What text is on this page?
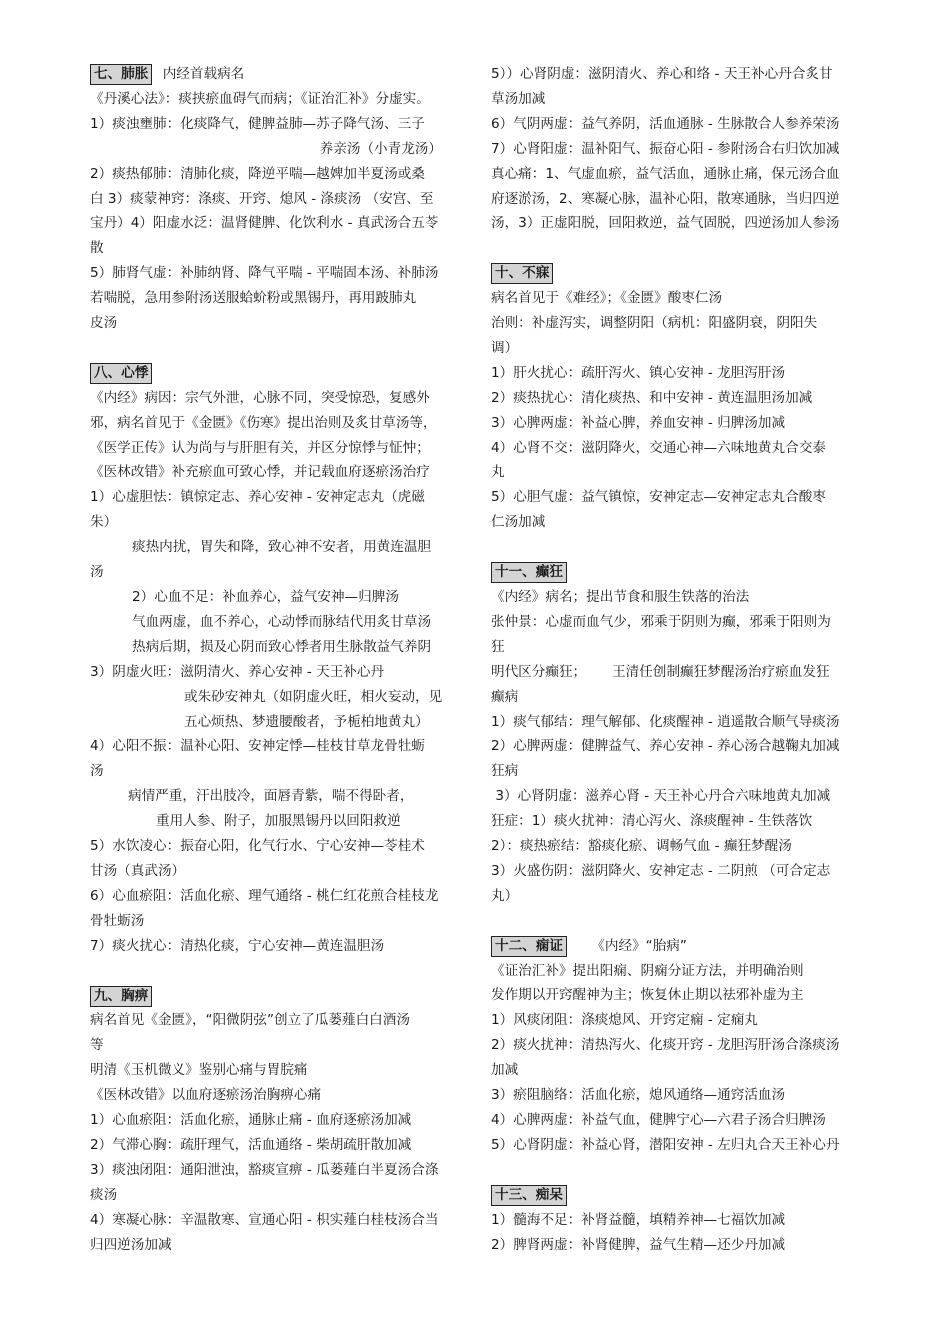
七、肺胀 内经首载病名
《丹溪心法》：痰挟瘀血碍气而病；《证治汇补》分虚实。
1）痰浊壅肺：化痰降气，健脾益肺—苏子降气汤、三子
养亲汤（小青龙汤）
2）痰热郁肺：清肺化痰，降逆平喘—越婢加半夏汤或桑
白 3）痰蒙神窍：涤痰、开窍、熄风 - 涤痰汤 （安宫、至
宝丹）4）阳虚水泛：温肾健脾、化饮利水 - 真武汤合五苓
散
5）肺肾气虚：补肺纳肾、降气平喘 - 平喘固本汤、补肺汤
若喘脱，急用参附汤送服蛤蚧粉或黑锡丹，再用跛肺丸
皮汤
八、心悸
《内经》病因：宗气外泄，心脉不同，突受惊恐，复感外
邪，病名首见于《金匮》《伤寒》提出治则及炙甘草汤等，
《医学正传》认为尚与与肝胆有关，并区分惊悸与怔忡；
《医林改错》补充瘀血可致心悸，并记载血府逐瘀汤治疗
1）心虚胆怯：镇惊定志、养心安神 - 安神定志丸（虎磁
朱）
痰热内扰，胃失和降，致心神不安者，用黄连温胆
汤
2）心血不足：补血养心，益气安神—归脾汤
气血两虚，血不养心，心动悸而脉结代用炙甘草汤
热病后期，损及心阴而致心悸者用生脉散益气养阴
3）阴虚火旺：滋阴清火、养心安神 - 天王补心丹
或朱砂安神丸（如阴虚火旺，相火妄动，见
五心烦热、梦遗腰酸者，予栀柏地黄丸）
4）心阳不振：温补心阳、安神定悸—桂枝甘草龙骨牡蛎
汤
病情严重，汗出肢冷，面唇青紫，喘不得卧者，
重用人参、附子，加服黑锡丹以回阳救逆
5）水饮凌心：振奋心阳，化气行水、宁心安神—苓桂术
甘汤（真武汤）
6）心血瘀阻：活血化瘀、理气通络 - 桃仁红花煎合桂枝龙
骨牡蛎汤
7）痰火扰心：清热化痰，宁心安神—黄连温胆汤
九、胸痹
病名首见《金匮》，“阳微阴弦”创立了瓜蒌薤白白酒汤
等
明清《玉机微义》鉴别心痛与胃脘痛
《医林改错》以血府逐瘀汤治胸痹心痛
1）心血瘀阻：活血化瘀，通脉止痛 - 血府逐瘀汤加减
2）气滞心胸：疏肝理气，活血通络 - 柴胡疏肝散加减
3）痰浊闭阻：通阳泄浊，豁痰宣痹 - 瓜蒌薤白半夏汤合涤
痰汤
4）寒凝心脉：辛温散寒、宣通心阳 - 枳实薤白桂枝汤合当
归四逆汤加减
5））心肾阴虚：滋阴清火、养心和络 - 天王补心丹合炙甘
草汤加减
6）气阴两虚：益气养阴，活血通脉 - 生脉散合人参养荣汤
7）心肾阳虚：温补阳气、振奋心阳 - 参附汤合右归饮加减
真心痛：1、气虚血瘀，益气活血，通脉止痛，保元汤合血
府逐淤汤，2、寒凝心脉，温补心阳，散寒通脉，当归四逆
汤，3）正虚阳脱，回阳救逆，益气固脱，四逆汤加人参汤
十、不寐
病名首见于《难经》；《金匮》酸枣仁汤
治则：补虚泻实，调整阴阳（病机：阳盛阴衰，阴阳失
调）
1）肝火扰心：疏肝泻火、镇心安神 - 龙胆泻肝汤
2）痰热扰心：清化痰热、和中安神 - 黄连温胆汤加减
3）心脾两虚：补益心脾，养血安神 - 归脾汤加减
4）心肾不交：滋阴降火，交通心神—六味地黄丸合交泰
丸
5）心胆气虚：益气镇惊，安神定志—安神定志丸合酸枣
仁汤加减
十一、癫狂
《内经》病名；提出节食和服生铁落的治法
张仲景：心虚而血气少，邪乘于阴则为癫，邪乘于阳则为
狂
明代区分癫狂；      王清任创制癫狂梦醒汤治疗瘀血发狂
癫病
1）痰气郁结：理气解郁、化痰醒神 - 逍遥散合顺气导痰汤
2）心脾两虚：健脾益气、养心安神 - 养心汤合越鞠丸加减
狂病
3）心肾阴虚：滋养心肾 - 天王补心丹合六味地黄丸加减
狂症：1）痰火扰神：清心泻火、涤痰醒神 - 生铁落饮
2）：痰热瘀结：豁痰化瘀、调畅气血 - 癫狂梦醒汤
3）火盛伤阴：滋阴降火、安神定志 - 二阴煎 （可合定志
丸）
十二、痫证 《内经》“胎病”
《证治汇补》提出阳痫、阴痫分证方法，并明确治则
发作期以开窍醒神为主；恢复休止期以祛邪补虚为主
1）风痰闭阻：涤痰熄风、开窍定痫 - 定痫丸
2）痰火扰神：清热泻火、化痰开窍 - 龙胆泻肝汤合涤痰汤
加减
3）瘀阻脑络：活血化瘀，熄风通络—通窍活血汤
4）心脾两虚：补益气血，健脾宁心—六君子汤合归脾汤
5）心肾阴虚：补益心肾，潜阳安神 - 左归丸合天王补心丹
十三、痴呆
1）髓海不足：补肾益髓，填精养神—七福饮加减
2）脾肾两虚：补肾健脾，益气生精—还少丹加减
